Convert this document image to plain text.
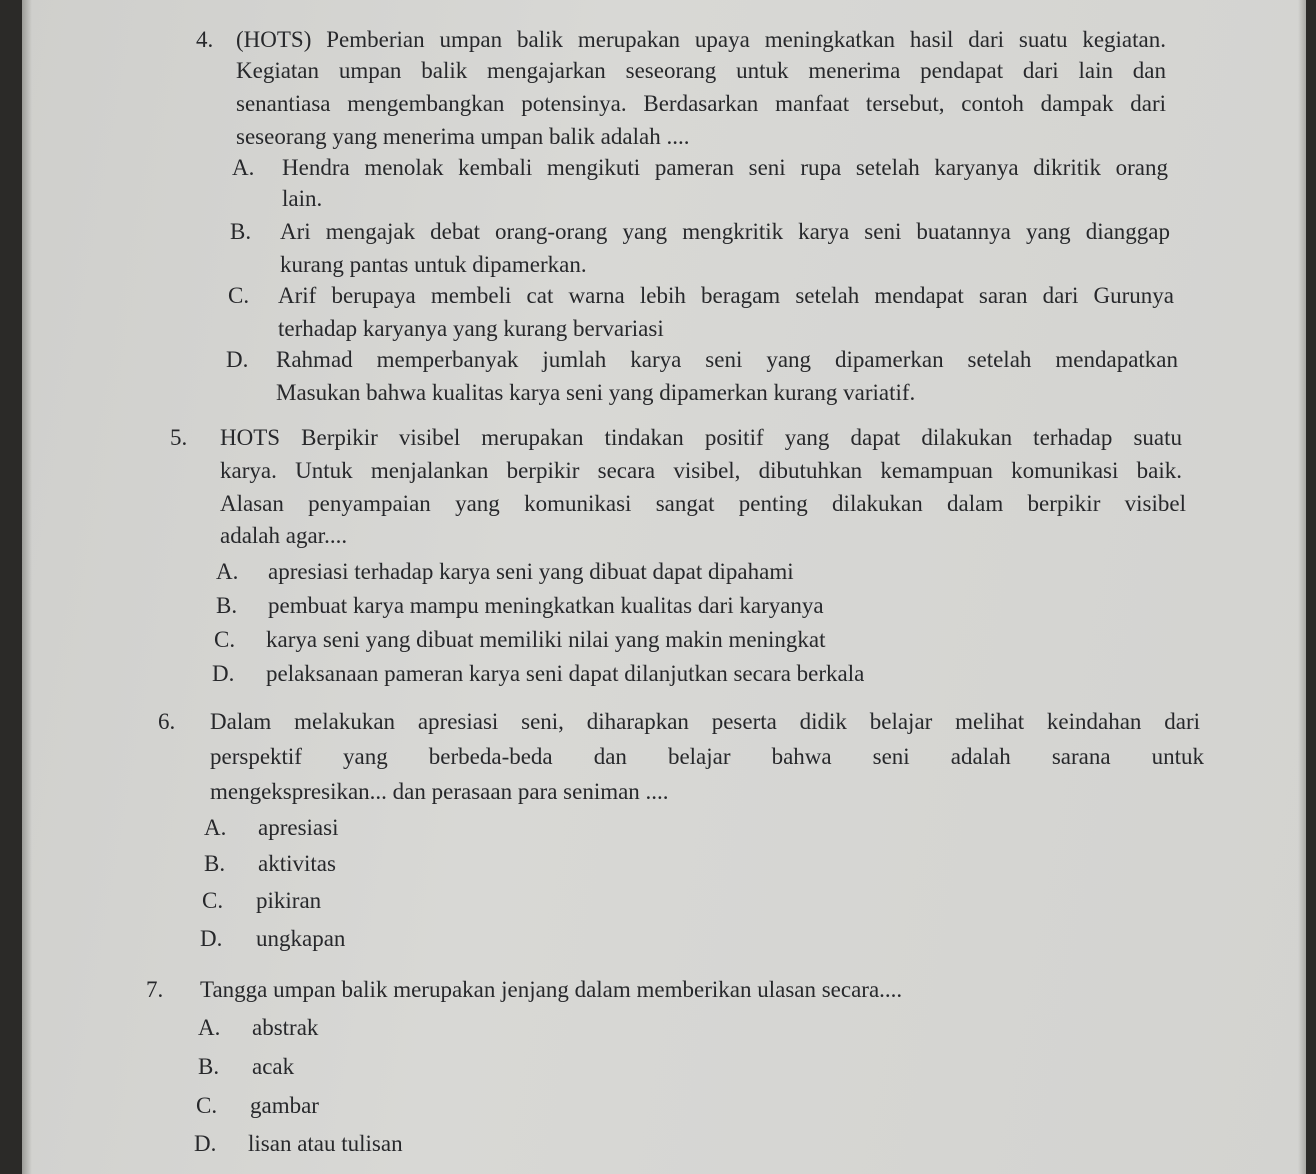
4. (HOTS) Pemberian umpan balik merupakan upaya meningkatkan hasil dari suatu kegiatan.
Kegiatan umpan balik mengajarkan seseorang untuk menerima pendapat dari lain dan
senantiasa mengembangkan potensinya. Berdasarkan manfaat tersebut, contoh dampak dari
seseorang yang menerima umpan balik adalah ....
A. Hendra menolak kembali mengikuti pameran seni rupa setelah karyanya dikritik orang
lain.
B. Ari mengajak debat orang-orang yang mengkritik karya seni buatannya yang dianggap
kurang pantas untuk dipamerkan.
C. Arif berupaya membeli cat warna lebih beragam setelah mendapat saran dari Gurunya
terhadap karyanya yang kurang bervariasi
D. Rahmad memperbanyak jumlah karya seni yang dipamerkan setelah mendapatkan
Masukan bahwa kualitas karya seni yang dipamerkan kurang variatif.
5. HOTS Berpikir visibel merupakan tindakan positif yang dapat dilakukan terhadap suatu
karya. Untuk menjalankan berpikir secara visibel, dibutuhkan kemampuan komunikasi baik.
Alasan penyampaian yang komunikasi sangat penting dilakukan dalam berpikir visibel
adalah agar....
A. apresiasi terhadap karya seni yang dibuat dapat dipahami
B. pembuat karya mampu meningkatkan kualitas dari karyanya
C. karya seni yang dibuat memiliki nilai yang makin meningkat
D. pelaksanaan pameran karya seni dapat dilanjutkan secara berkala
6. Dalam melakukan apresiasi seni, diharapkan peserta didik belajar melihat keindahan dari
perspektif yang berbeda-beda dan belajar bahwa seni adalah sarana untuk
mengekspresikan... dan perasaan para seniman ....
A. apresiasi
B. aktivitas
C. pikiran
D. ungkapan
7. Tangga umpan balik merupakan jenjang dalam memberikan ulasan secara....
A. abstrak
B. acak
C. gambar
D. lisan atau tulisan
